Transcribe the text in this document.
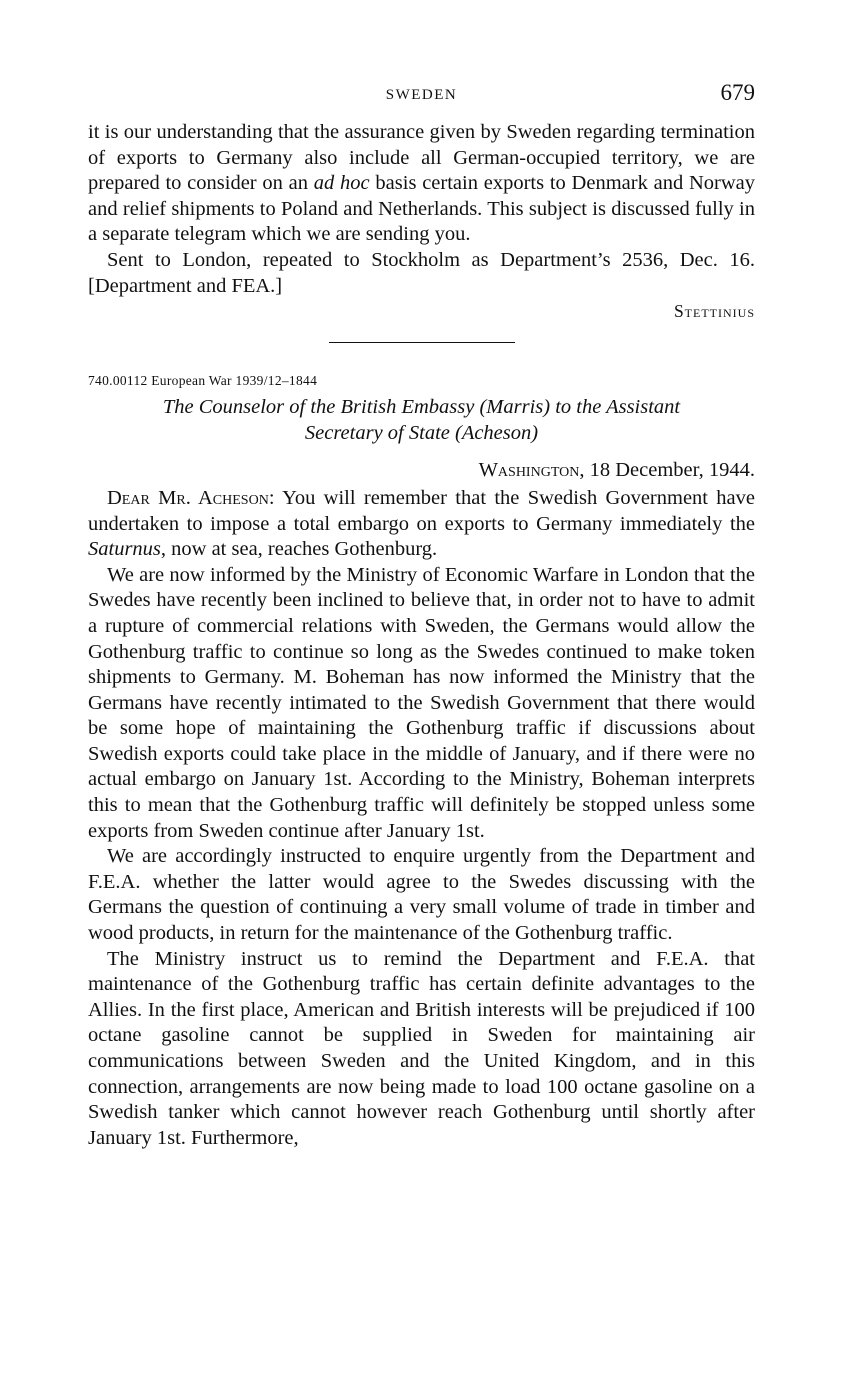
SWEDEN	679

it is our understanding that the assurance given by Sweden regarding termination of exports to Germany also include all German-occupied territory, we are prepared to consider on an ad hoc basis certain exports to Denmark and Norway and relief shipments to Poland and Netherlands. This subject is discussed fully in a separate telegram which we are sending you.

Sent to London, repeated to Stockholm as Department’s 2536, Dec. 16. [Department and FEA.]

Stettinius
740.00112 European War 1939/12–1844
The Counselor of the British Embassy (Marris) to the Assistant
Secretary of State (Acheson)

Washington, 18 December, 1944.

Dear Mr. Acheson: You will remember that the Swedish Government have undertaken to impose a total embargo on exports to Germany immediately the Saturnus, now at sea, reaches Gothenburg.

We are now informed by the Ministry of Economic Warfare in London that the Swedes have recently been inclined to believe that, in order not to have to admit a rupture of commercial relations with Sweden, the Germans would allow the Gothenburg traffic to continue so long as the Swedes continued to make token shipments to Germany. M. Boheman has now informed the Ministry that the Germans have recently intimated to the Swedish Government that there would be some hope of maintaining the Gothenburg traffic if discussions about Swedish exports could take place in the middle of January, and if there were no actual embargo on January 1st. According to the Ministry, Boheman interprets this to mean that the Gothenburg traffic will definitely be stopped unless some exports from Sweden continue after January 1st.

We are accordingly instructed to enquire urgently from the Department and F.E.A. whether the latter would agree to the Swedes discussing with the Germans the question of continuing a very small volume of trade in timber and wood products, in return for the maintenance of the Gothenburg traffic.

The Ministry instruct us to remind the Department and F.E.A. that maintenance of the Gothenburg traffic has certain definite advantages to the Allies. In the first place, American and British interests will be prejudiced if 100 octane gasoline cannot be supplied in Sweden for maintaining air communications between Sweden and the United Kingdom, and in this connection, arrangements are now being made to load 100 octane gasoline on a Swedish tanker which cannot however reach Gothenburg until shortly after January 1st. Furthermore,
